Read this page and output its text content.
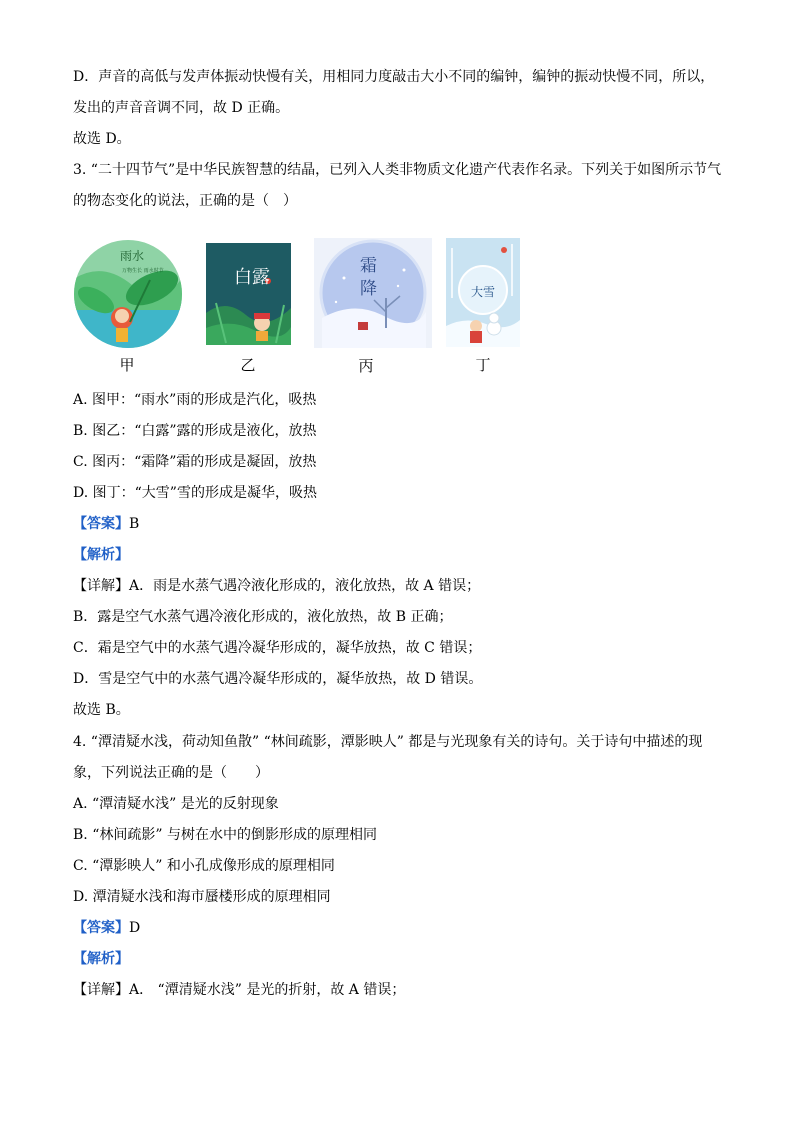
D．声音的高低与发声体振动快慢有关，用相同力度敲击大小不同的编钟，编钟的振动快慢不同，所以，
发出的声音音调不同，故 D 正确。
故选 D。
3. “二十四节气”是中华民族智慧的结晶，已列入人类非物质文化遗产代表作名录。下列关于如图所示节气
的物态变化的说法，正确的是（　）
雨水
万物生长 雨水时节	白露
霜
降	大雪
甲	乙	丙	丁
A. 图甲：“雨水”雨的形成是汽化，吸热
B. 图乙：“白露”露的形成是液化，放热
C. 图丙：“霜降”霜的形成是凝固，放热
D. 图丁：“大雪”雪的形成是凝华，吸热
【答案】B
【解析】
【详解】A．雨是水蒸气遇冷液化形成的，液化放热，故 A 错误；
B．露是空气水蒸气遇冷液化形成的，液化放热，故 B 正确；
C．霜是空气中的水蒸气遇冷凝华形成的，凝华放热，故 C 错误；
D．雪是空气中的水蒸气遇冷凝华形成的，凝华放热，故 D 错误。
故选 B。
4. “潭清疑水浅，荷动知鱼散” “林间疏影，潭影映人” 都是与光现象有关的诗句。关于诗句中描述的现
象，下列说法正确的是（　　）
A. “潭清疑水浅” 是光的反射现象
B. “林间疏影” 与树在水中的倒影形成的原理相同
C. “潭影映人” 和小孔成像形成的原理相同
D. 潭清疑水浅和海市蜃楼形成的原理相同
【答案】D
【解析】
【详解】A． “潭清疑水浅” 是光的折射，故 A 错误；
